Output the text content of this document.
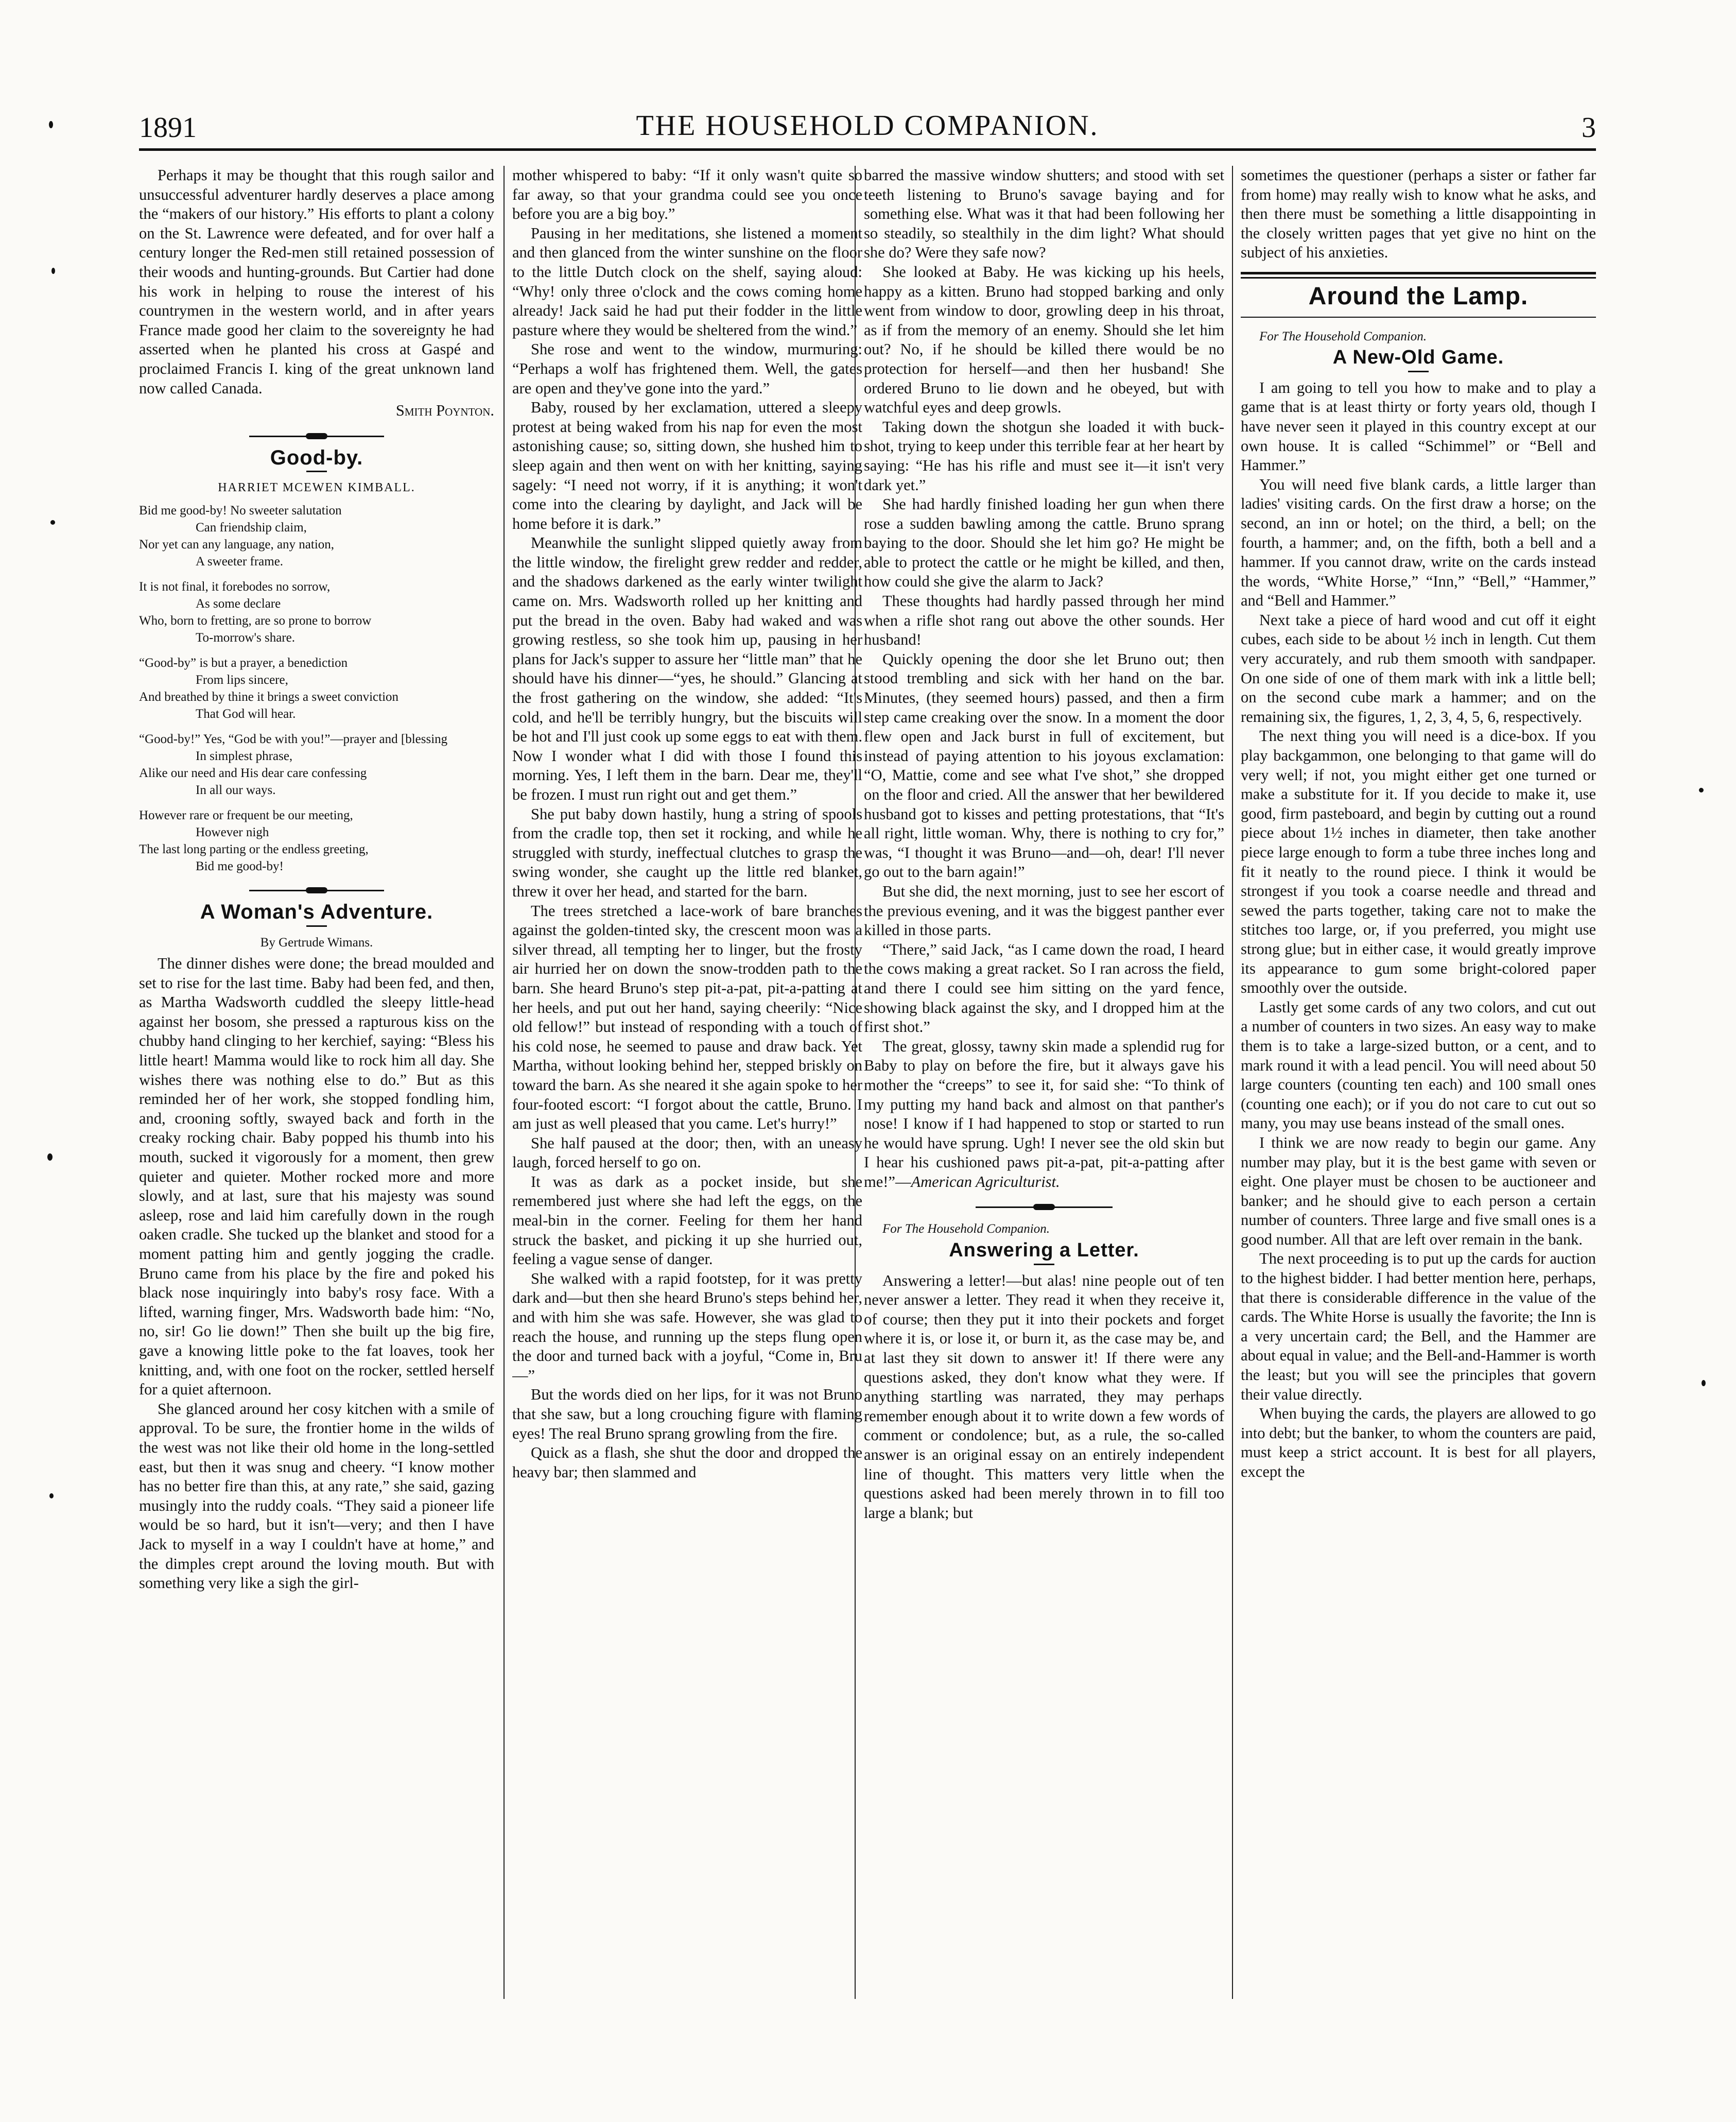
1891	THE HOUSEHOLD COMPANION.	3

Perhaps it may be thought that this rough sailor and unsuccessful adventurer hardly deserves a place among the “makers of our history.” His efforts to plant a colony on the St. Lawrence were defeated, and for over half a century longer the Red-men still retained possession of their woods and hunting-grounds. But Cartier had done his work in helping to rouse the interest of his countrymen in the western world, and in after years France made good her claim to the sovereignty he had asserted when he planted his cross at Gaspé and proclaimed Francis I. king of the great unknown land now called Canada.

Smith Poynton.
Good-by.
HARRIET MCEWEN KIMBALL.
Bid me good-by! No sweeter salutation
Can friendship claim,
Nor yet can any language, any nation,
A sweeter frame.
It is not final, it forebodes no sorrow,
As some declare
Who, born to fretting, are so prone to borrow
To-morrow's share.
“Good-by” is but a prayer, a benediction
From lips sincere,
And breathed by thine it brings a sweet conviction
That God will hear.
“Good-by!” Yes, “God be with you!”—prayer and [blessing
In simplest phrase,
Alike our need and His dear care confessing
In all our ways.
However rare or frequent be our meeting,
However nigh
The last long parting or the endless greeting,
Bid me good-by!
A Woman's Adventure.
By Gertrude Wimans.

The dinner dishes were done; the bread moulded and set to rise for the last time. Baby had been fed, and then, as Martha Wadsworth cuddled the sleepy little-head against her bosom, she pressed a rapturous kiss on the chubby hand clinging to her kerchief, saying: “Bless his little heart! Mamma would like to rock him all day. She wishes there was nothing else to do.” But as this reminded her of her work, she stopped fondling him, and, crooning softly, swayed back and forth in the creaky rocking chair. Baby popped his thumb into his mouth, sucked it vigorously for a moment, then grew quieter and quieter. Mother rocked more and more slowly, and at last, sure that his majesty was sound asleep, rose and laid him carefully down in the rough oaken cradle. She tucked up the blanket and stood for a moment patting him and gently jogging the cradle. Bruno came from his place by the fire and poked his black nose inquiringly into baby's rosy face. With a lifted, warning finger, Mrs. Wadsworth bade him: “No, no, sir! Go lie down!” Then she built up the big fire, gave a knowing little poke to the fat loaves, took her knitting, and, with one foot on the rocker, settled herself for a quiet afternoon.

She glanced around her cosy kitchen with a smile of approval. To be sure, the frontier home in the wilds of the west was not like their old home in the long-settled east, but then it was snug and cheery. “I know mother has no better fire than this, at any rate,” she said, gazing musingly into the ruddy coals. “They said a pioneer life would be so hard, but it isn't—very; and then I have Jack to myself in a way I couldn't have at home,” and the dimples crept around the loving mouth. But with something very like a sigh the girl-

mother whispered to baby: “If it only wasn't quite so far away, so that your grandma could see you once before you are a big boy.”

Pausing in her meditations, she listened a moment and then glanced from the winter sunshine on the floor to the little Dutch clock on the shelf, saying aloud: “Why! only three o'clock and the cows coming home already! Jack said he had put their fodder in the little pasture where they would be sheltered from the wind.”

She rose and went to the window, murmuring: “Perhaps a wolf has frightened them. Well, the gates are open and they've gone into the yard.”

Baby, roused by her exclamation, uttered a sleepy protest at being waked from his nap for even the most astonishing cause; so, sitting down, she hushed him to sleep again and then went on with her knitting, saying sagely: “I need not worry, if it is anything; it won't come into the clearing by daylight, and Jack will be home before it is dark.”

Meanwhile the sunlight slipped quietly away from the little window, the firelight grew redder and redder, and the shadows darkened as the early winter twilight came on. Mrs. Wadsworth rolled up her knitting and put the bread in the oven. Baby had waked and was growing restless, so she took him up, pausing in her plans for Jack's supper to assure her “little man” that he should have his dinner—“yes, he should.” Glancing at the frost gathering on the window, she added: “It's cold, and he'll be terribly hungry, but the biscuits will be hot and I'll just cook up some eggs to eat with them. Now I wonder what I did with those I found this morning. Yes, I left them in the barn. Dear me, they'll be frozen. I must run right out and get them.”

She put baby down hastily, hung a string of spools from the cradle top, then set it rocking, and while he struggled with sturdy, ineffectual clutches to grasp the swing wonder, she caught up the little red blanket, threw it over her head, and started for the barn.

The trees stretched a lace-work of bare branches against the golden-tinted sky, the crescent moon was a silver thread, all tempting her to linger, but the frosty air hurried her on down the snow-trodden path to the barn. She heard Bruno's step pit-a-pat, pit-a-patting at her heels, and put out her hand, saying cheerily: “Nice old fellow!” but instead of responding with a touch of his cold nose, he seemed to pause and draw back. Yet Martha, without looking behind her, stepped briskly on toward the barn. As she neared it she again spoke to her four-footed escort: “I forgot about the cattle, Bruno. I am just as well pleased that you came. Let's hurry!”

She half paused at the door; then, with an uneasy laugh, forced herself to go on.

It was as dark as a pocket inside, but she remembered just where she had left the eggs, on the meal-bin in the corner. Feeling for them her hand struck the basket, and picking it up she hurried out, feeling a vague sense of danger.

She walked with a rapid footstep, for it was pretty dark and—but then she heard Bruno's steps behind her, and with him she was safe. However, she was glad to reach the house, and running up the steps flung open the door and turned back with a joyful, “Come in, Bru—”

But the words died on her lips, for it was not Bruno that she saw, but a long crouching figure with flaming eyes! The real Bruno sprang growling from the fire.

Quick as a flash, she shut the door and dropped the heavy bar; then slammed and

barred the massive window shutters; and stood with set teeth listening to Bruno's savage baying and for something else. What was it that had been following her so steadily, so stealthily in the dim light? What should she do? Were they safe now?

She looked at Baby. He was kicking up his heels, happy as a kitten. Bruno had stopped barking and only went from window to door, growling deep in his throat, as if from the memory of an enemy. Should she let him out? No, if he should be killed there would be no protection for herself—and then her husband! She ordered Bruno to lie down and he obeyed, but with watchful eyes and deep growls.

Taking down the shotgun she loaded it with buck-shot, trying to keep under this terrible fear at her heart by saying: “He has his rifle and must see it—it isn't very dark yet.”

She had hardly finished loading her gun when there rose a sudden bawling among the cattle. Bruno sprang baying to the door. Should she let him go? He might be able to protect the cattle or he might be killed, and then, how could she give the alarm to Jack?

These thoughts had hardly passed through her mind when a rifle shot rang out above the other sounds. Her husband!

Quickly opening the door she let Bruno out; then stood trembling and sick with her hand on the bar. Minutes, (they seemed hours) passed, and then a firm step came creaking over the snow. In a moment the door flew open and Jack burst in full of excitement, but instead of paying attention to his joyous exclamation: “O, Mattie, come and see what I've shot,” she dropped on the floor and cried. All the answer that her bewildered husband got to kisses and petting protestations, that “It's all right, little woman. Why, there is nothing to cry for,” was, “I thought it was Bruno—and—oh, dear! I'll never go out to the barn again!”

But she did, the next morning, just to see her escort of the previous evening, and it was the biggest panther ever killed in those parts.

“There,” said Jack, “as I came down the road, I heard the cows making a great racket. So I ran across the field, and there I could see him sitting on the yard fence, showing black against the sky, and I dropped him at the first shot.”

The great, glossy, tawny skin made a splendid rug for Baby to play on before the fire, but it always gave his mother the “creeps” to see it, for said she: “To think of my putting my hand back and almost on that panther's nose! I know if I had happened to stop or started to run he would have sprung. Ugh! I never see the old skin but I hear his cushioned paws pit-a-pat, pit-a-patting after me!”—American Agriculturist.

For The Household Companion.

Answering a Letter.

Answering a letter!—but alas! nine people out of ten never answer a letter. They read it when they receive it, of course; then they put it into their pockets and forget where it is, or lose it, or burn it, as the case may be, and at last they sit down to answer it! If there were any questions asked, they don't know what they were. If anything startling was narrated, they may perhaps remember enough about it to write down a few words of comment or condolence; but, as a rule, the so-called answer is an original essay on an entirely independent line of thought. This matters very little when the questions asked had been merely thrown in to fill too large a blank; but

sometimes the questioner (perhaps a sister or father far from home) may really wish to know what he asks, and then there must be something a little disappointing in the closely written pages that yet give no hint on the subject of his anxieties.

Around the Lamp.

For The Household Companion.

A New-Old Game.

I am going to tell you how to make and to play a game that is at least thirty or forty years old, though I have never seen it played in this country except at our own house. It is called “Schimmel” or “Bell and Hammer.”

You will need five blank cards, a little larger than ladies' visiting cards. On the first draw a horse; on the second, an inn or hotel; on the third, a bell; on the fourth, a hammer; and, on the fifth, both a bell and a hammer. If you cannot draw, write on the cards instead the words, “White Horse,” “Inn,” “Bell,” “Hammer,” and “Bell and Hammer.”

Next take a piece of hard wood and cut off it eight cubes, each side to be about ½ inch in length. Cut them very accurately, and rub them smooth with sandpaper. On one side of one of them mark with ink a little bell; on the second cube mark a hammer; and on the remaining six, the figures, 1, 2, 3, 4, 5, 6, respectively.

The next thing you will need is a dice-box. If you play backgammon, one belonging to that game will do very well; if not, you might either get one turned or make a substitute for it. If you decide to make it, use good, firm pasteboard, and begin by cutting out a round piece about 1½ inches in diameter, then take another piece large enough to form a tube three inches long and fit it neatly to the round piece. I think it would be strongest if you took a coarse needle and thread and sewed the parts together, taking care not to make the stitches too large, or, if you preferred, you might use strong glue; but in either case, it would greatly improve its appearance to gum some bright-colored paper smoothly over the outside.

Lastly get some cards of any two colors, and cut out a number of counters in two sizes. An easy way to make them is to take a large-sized button, or a cent, and to mark round it with a lead pencil. You will need about 50 large counters (counting ten each) and 100 small ones (counting one each); or if you do not care to cut out so many, you may use beans instead of the small ones.

I think we are now ready to begin our game. Any number may play, but it is the best game with seven or eight. One player must be chosen to be auctioneer and banker; and he should give to each person a certain number of counters. Three large and five small ones is a good number. All that are left over remain in the bank.

The next proceeding is to put up the cards for auction to the highest bidder. I had better mention here, perhaps, that there is considerable difference in the value of the cards. The White Horse is usually the favorite; the Inn is a very uncertain card; the Bell, and the Hammer are about equal in value; and the Bell-and-Hammer is worth the least; but you will see the principles that govern their value directly.

When buying the cards, the players are allowed to go into debt; but the banker, to whom the counters are paid, must keep a strict account. It is best for all players, except the
